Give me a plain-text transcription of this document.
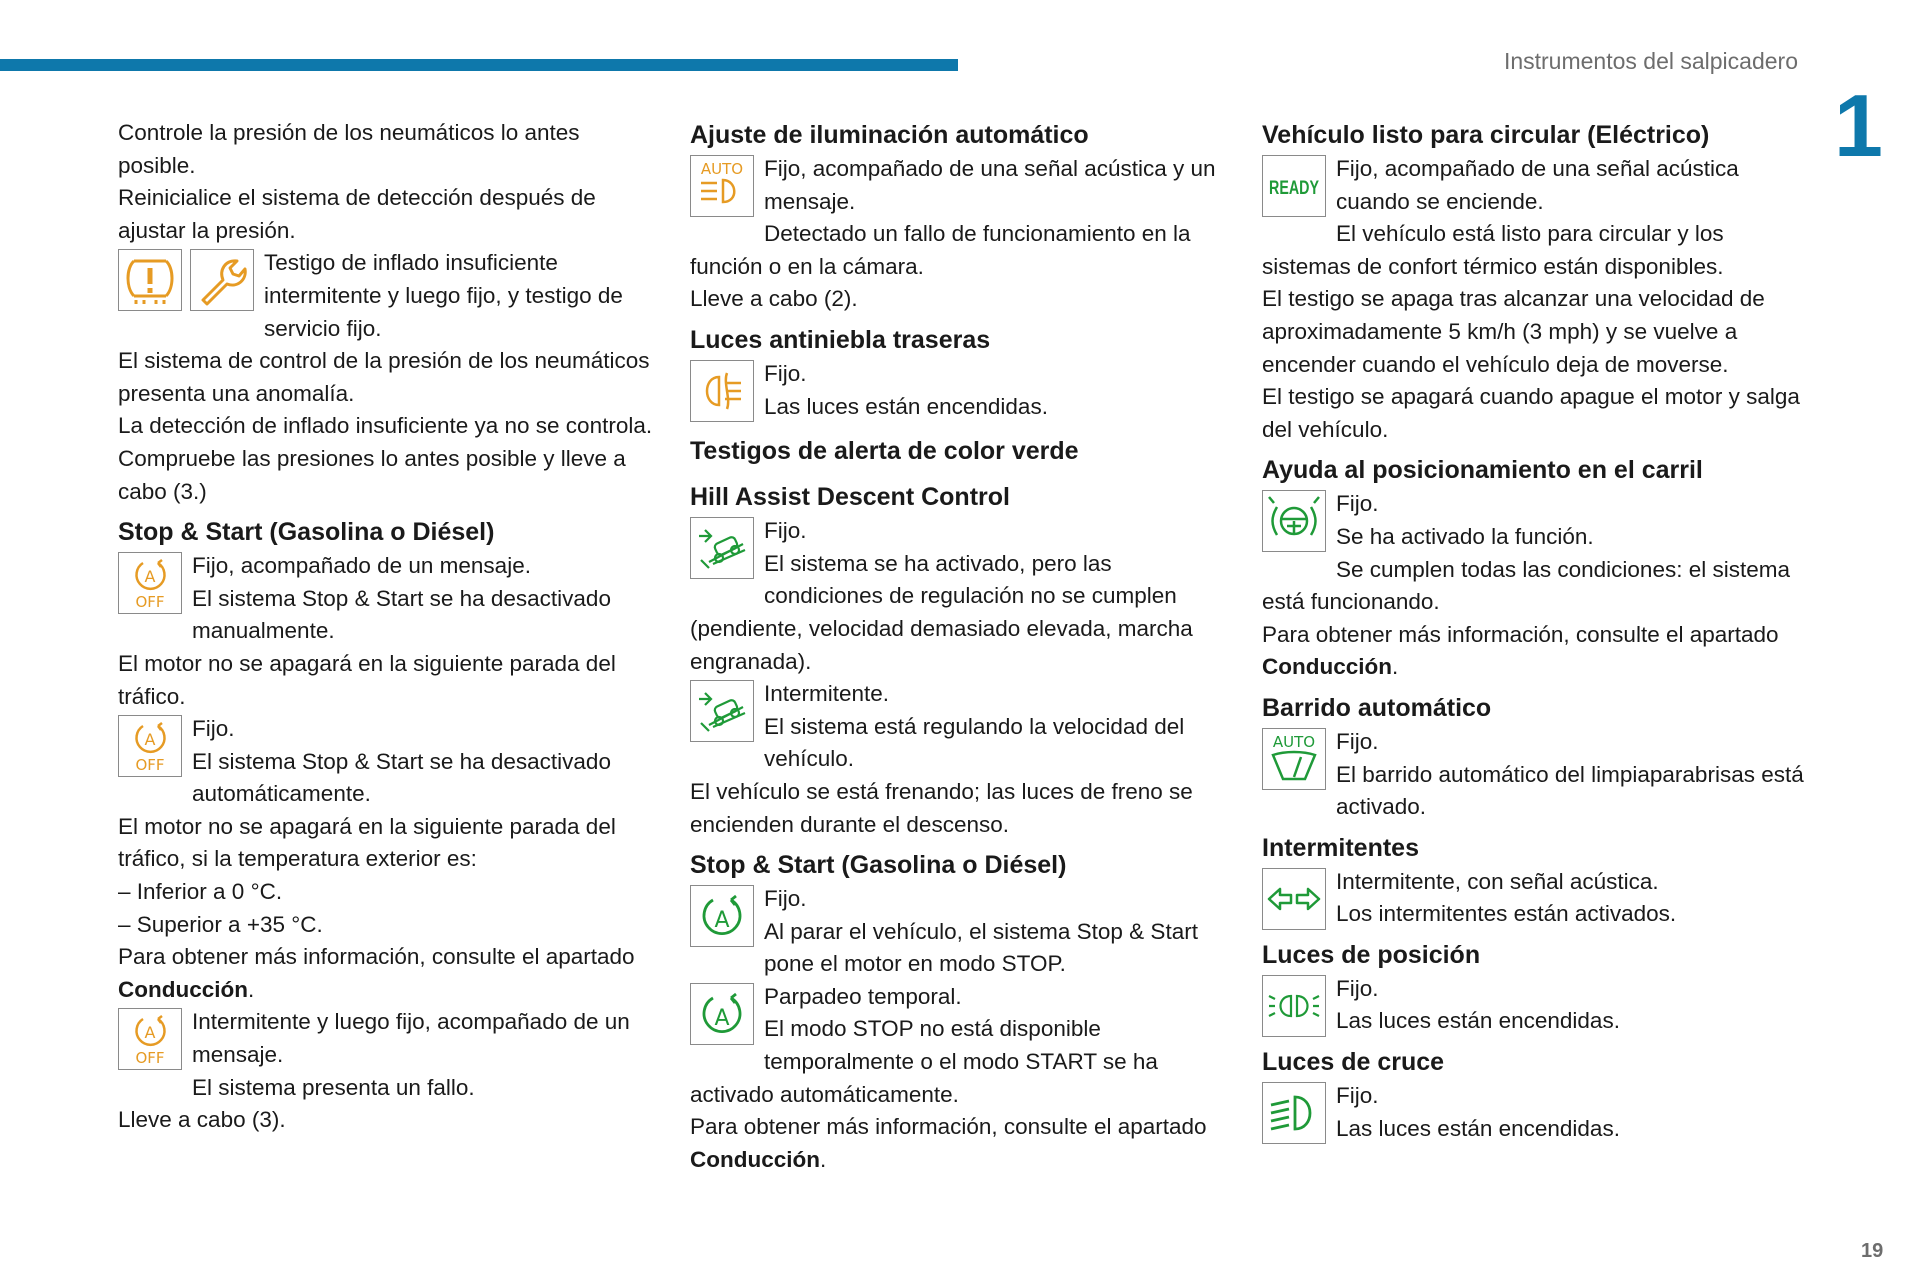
Instrumentos del salpicadero
1
19

Controle la presión de los neumáticos lo antes posible.

Reinicialice el sistema de detección después de ajustar la presión.

Testigo de inflado insuficiente intermitente y luego fijo, y testigo de servicio fijo.

El sistema de control de la presión de los neumáticos presenta una anomalía.

La detección de inflado insuficiente ya no se controla.

Compruebe las presiones lo antes posible y lleve a cabo (3.)

Stop & Start (Gasolina o Diésel)
A
OFF

Fijo, acompañado de un mensaje.

El sistema Stop & Start se ha desactivado manualmente.

El motor no se apagará en la siguiente parada del tráfico.

A
OFF

Fijo.

El sistema Stop & Start se ha desactivado automáticamente.

El motor no se apagará en la siguiente parada del tráfico, si la temperatura exterior es:

– Inferior a 0 °C.

– Superior a +35 °C.

Para obtener más información, consulte el apartado Conducción.

A
OFF

Intermitente y luego fijo, acompañado de un mensaje.

El sistema presenta un fallo.

Lleve a cabo (3).

Ajuste de iluminación automático
AUTO Fijo, acompañado de una señal acústica y un mensaje.

Detectado un fallo de funcionamiento en la función o en la cámara.

Lleve a cabo (2).

Luces antiniebla traseras

Fijo.

Las luces están encendidas.

Testigos de alerta de color verde
Hill Assist Descent Control

Fijo.

El sistema se ha activado, pero las condiciones de regulación no se cumplen (pendiente, velocidad demasiado elevada, marcha engranada).

Intermitente.

El sistema está regulando la velocidad del vehículo.

El vehículo se está frenando; las luces de freno se encienden durante el descenso.

Stop & Start (Gasolina o Diésel)
A

Fijo.

Al parar el vehículo, el sistema Stop & Start pone el motor en modo STOP.

A

Parpadeo temporal.

El modo STOP no está disponible temporalmente o el modo START se ha activado automáticamente.

Para obtener más información, consulte el apartado Conducción.

Vehículo listo para circular (Eléctrico)
READY

Fijo, acompañado de una señal acústica cuando se enciende.

El vehículo está listo para circular y los sistemas de confort térmico están disponibles.

El testigo se apaga tras alcanzar una velocidad de aproximadamente 5 km/h (3 mph) y se vuelve a encender cuando el vehículo deja de moverse.

El testigo se apagará cuando apague el motor y salga del vehículo.

Ayuda al posicionamiento en el carril

Fijo.

Se ha activado la función.

Se cumplen todas las condiciones: el sistema está funcionando.

Para obtener más información, consulte el apartado Conducción.

Barrido automático
AUTO Fijo.

El barrido automático del limpiaparabrisas está activado.

Intermitentes

Intermitente, con señal acústica.

Los intermitentes están activados.

Luces de posición

Fijo.

Las luces están encendidas.

Luces de cruce

Fijo.

Las luces están encendidas.
